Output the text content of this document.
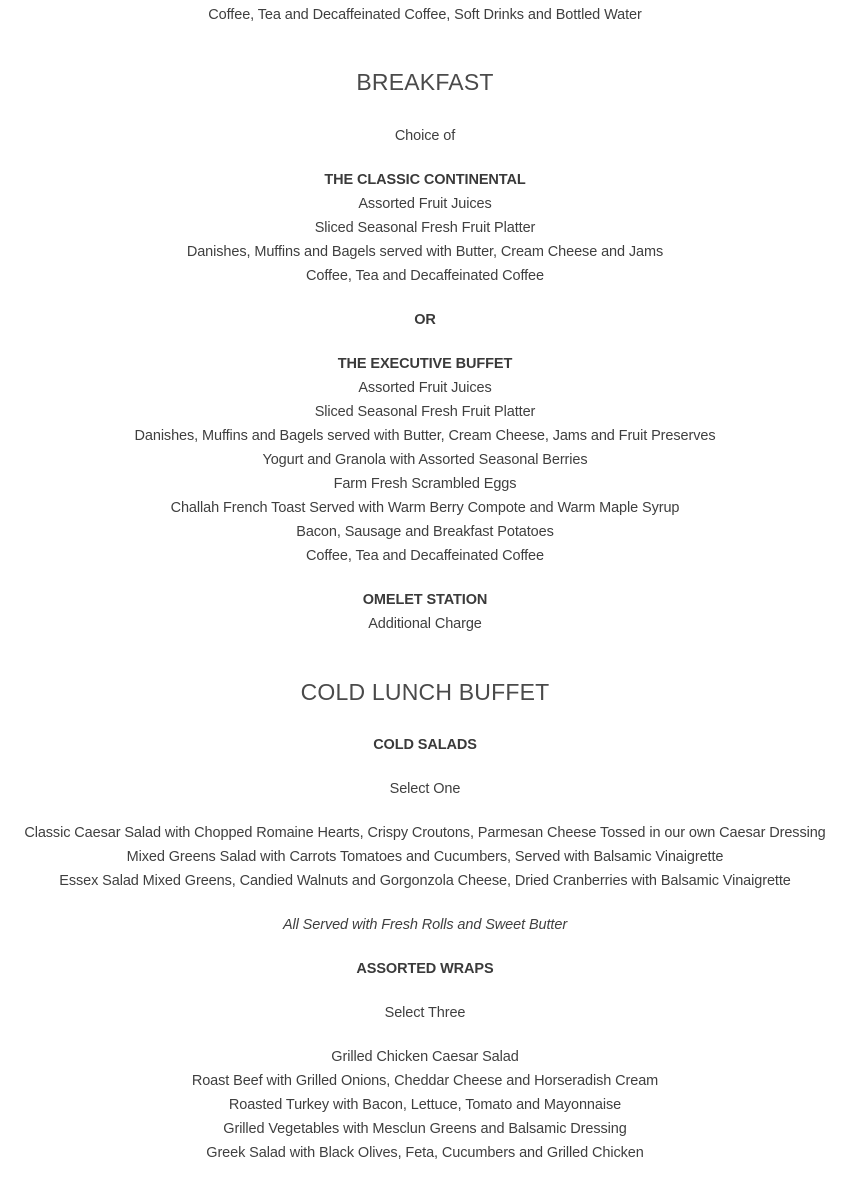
Coffee, Tea and Decaffeinated Coffee, Soft Drinks and Bottled Water
BREAKFAST
Choice of
THE CLASSIC CONTINENTAL
Assorted Fruit Juices
Sliced Seasonal Fresh Fruit Platter
Danishes, Muffins and Bagels served with Butter, Cream Cheese and Jams
Coffee, Tea and Decaffeinated Coffee
OR
THE EXECUTIVE BUFFET
Assorted Fruit Juices
Sliced Seasonal Fresh Fruit Platter
Danishes, Muffins and Bagels served with Butter, Cream Cheese, Jams and Fruit Preserves
Yogurt and Granola with Assorted Seasonal Berries
Farm Fresh Scrambled Eggs
Challah French Toast Served with Warm Berry Compote and Warm Maple Syrup
Bacon, Sausage and Breakfast Potatoes
Coffee, Tea and Decaffeinated Coffee
OMELET STATION
Additional Charge
COLD LUNCH BUFFET
COLD SALADS
Select One
Classic Caesar Salad with Chopped Romaine Hearts, Crispy Croutons, Parmesan Cheese Tossed in our own Caesar Dressing
Mixed Greens Salad with Carrots Tomatoes and Cucumbers, Served with Balsamic Vinaigrette
Essex Salad Mixed Greens, Candied Walnuts and Gorgonzola Cheese, Dried Cranberries with Balsamic Vinaigrette
All Served with Fresh Rolls and Sweet Butter
ASSORTED WRAPS
Select Three
Grilled Chicken Caesar Salad
Roast Beef with Grilled Onions, Cheddar Cheese and Horseradish Cream
Roasted Turkey with Bacon, Lettuce, Tomato and Mayonnaise
Grilled Vegetables with Mesclun Greens and Balsamic Dressing
Greek Salad with Black Olives, Feta, Cucumbers and Grilled Chicken
